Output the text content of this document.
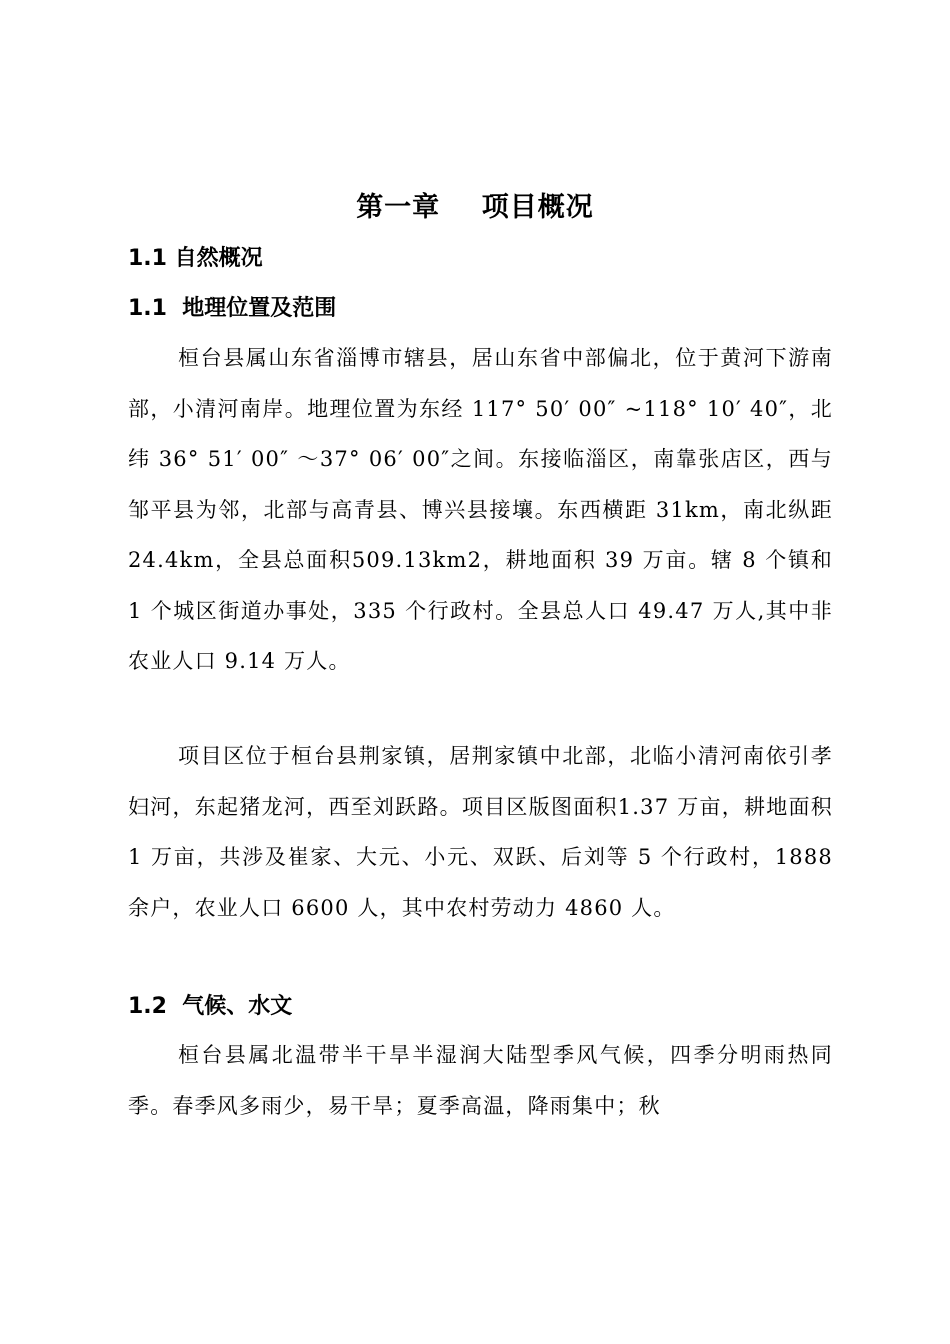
第一章    项目概况
1.1 自然概况
1.1  地理位置及范围
桓台县属山东省淄博市辖县，居山东省中部偏北，位于黄河下游南部，小清河南岸。地理位置为东经 117° 50′ 00″ ~118° 10′ 40″，北纬 36° 51′ 00″ ～37° 06′ 00″之间。东接临淄区，南靠张店区，西与邹平县为邻，北部与高青县、博兴县接壤。东西横距 31km，南北纵距 24.4km，全县总面积509.13km2，耕地面积 39 万亩。辖 8 个镇和 1 个城区街道办事处，335 个行政村。全县总人口 49.47 万人,其中非农业人口 9.14 万人。
项目区位于桓台县荆家镇，居荆家镇中北部，北临小清河南依引孝妇河，东起猪龙河，西至刘跃路。项目区版图面积1.37 万亩，耕地面积 1 万亩，共涉及崔家、大元、小元、双跃、后刘等 5 个行政村，1888 余户，农业人口 6600 人，其中农村劳动力 4860 人。
1.2  气候、水文
桓台县属北温带半干旱半湿润大陆型季风气候，四季分明雨热同季。春季风多雨少，易干旱；夏季高温，降雨集中；秋
